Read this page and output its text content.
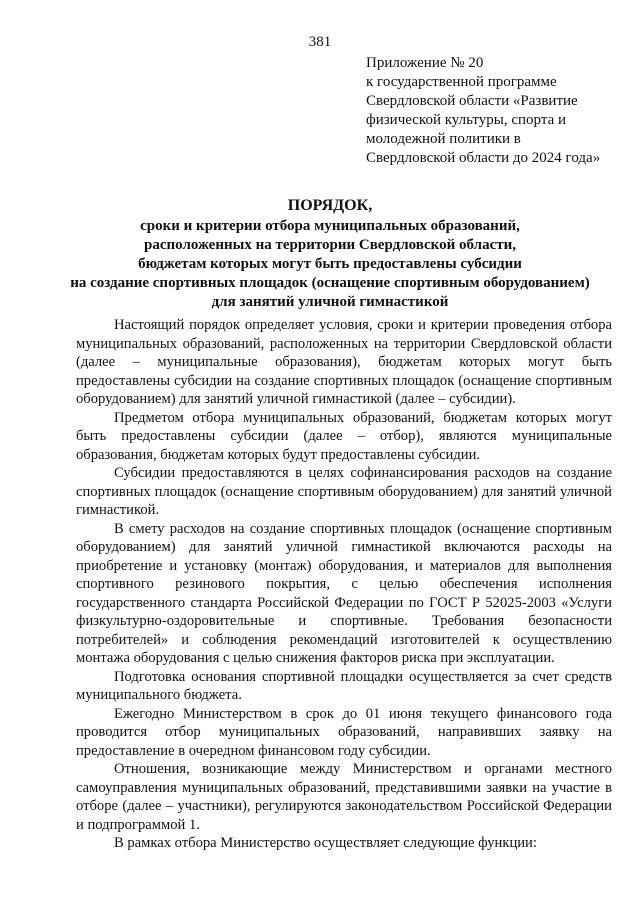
381
Приложение № 20
к государственной программе
Свердловской области «Развитие
физической культуры, спорта и
молодежной политики в
Свердловской области до 2024 года»
ПОРЯДОК,
сроки и критерии отбора муниципальных образований,
расположенных на территории Свердловской области,
бюджетам которых могут быть предоставлены субсидии
на создание спортивных площадок (оснащение спортивным оборудованием)
для занятий уличной гимнастикой

Настоящий порядок определяет условия, сроки и критерии проведения отбора муниципальных образований, расположенных на территории Свердловской области (далее – муниципальные образования), бюджетам которых могут быть предоставлены субсидии на создание спортивных площадок (оснащение спортивным оборудованием) для занятий уличной гимнастикой (далее – субсидии).

Предметом отбора муниципальных образований, бюджетам которых могут быть предоставлены субсидии (далее – отбор), являются муниципальные образования, бюджетам которых будут предоставлены субсидии.

Субсидии предоставляются в целях софинансирования расходов на создание спортивных площадок (оснащение спортивным оборудованием) для занятий уличной гимнастикой.

В смету расходов на создание спортивных площадок (оснащение спортивным оборудованием) для занятий уличной гимнастикой включаются расходы на приобретение и установку (монтаж) оборудования, и материалов для выполнения спортивного резинового покрытия, с целью обеспечения исполнения государственного стандарта Российской Федерации по ГОСТ Р 52025-2003 «Услуги физкультурно-оздоровительные и спортивные. Требования безопасности потребителей» и соблюдения рекомендаций изготовителей к осуществлению монтажа оборудования с целью снижения факторов риска при эксплуатации.

Подготовка основания спортивной площадки осуществляется за счет средств муниципального бюджета.

Ежегодно Министерством в срок до 01 июня текущего финансового года проводится отбор муниципальных образований, направивших заявку на предоставление в очередном финансовом году субсидии.

Отношения, возникающие между Министерством и органами местного самоуправления муниципальных образований, представившими заявки на участие в отборе (далее – участники), регулируются законодательством Российской Федерации и подпрограммой 1.

В рамках отбора Министерство осуществляет следующие функции:
